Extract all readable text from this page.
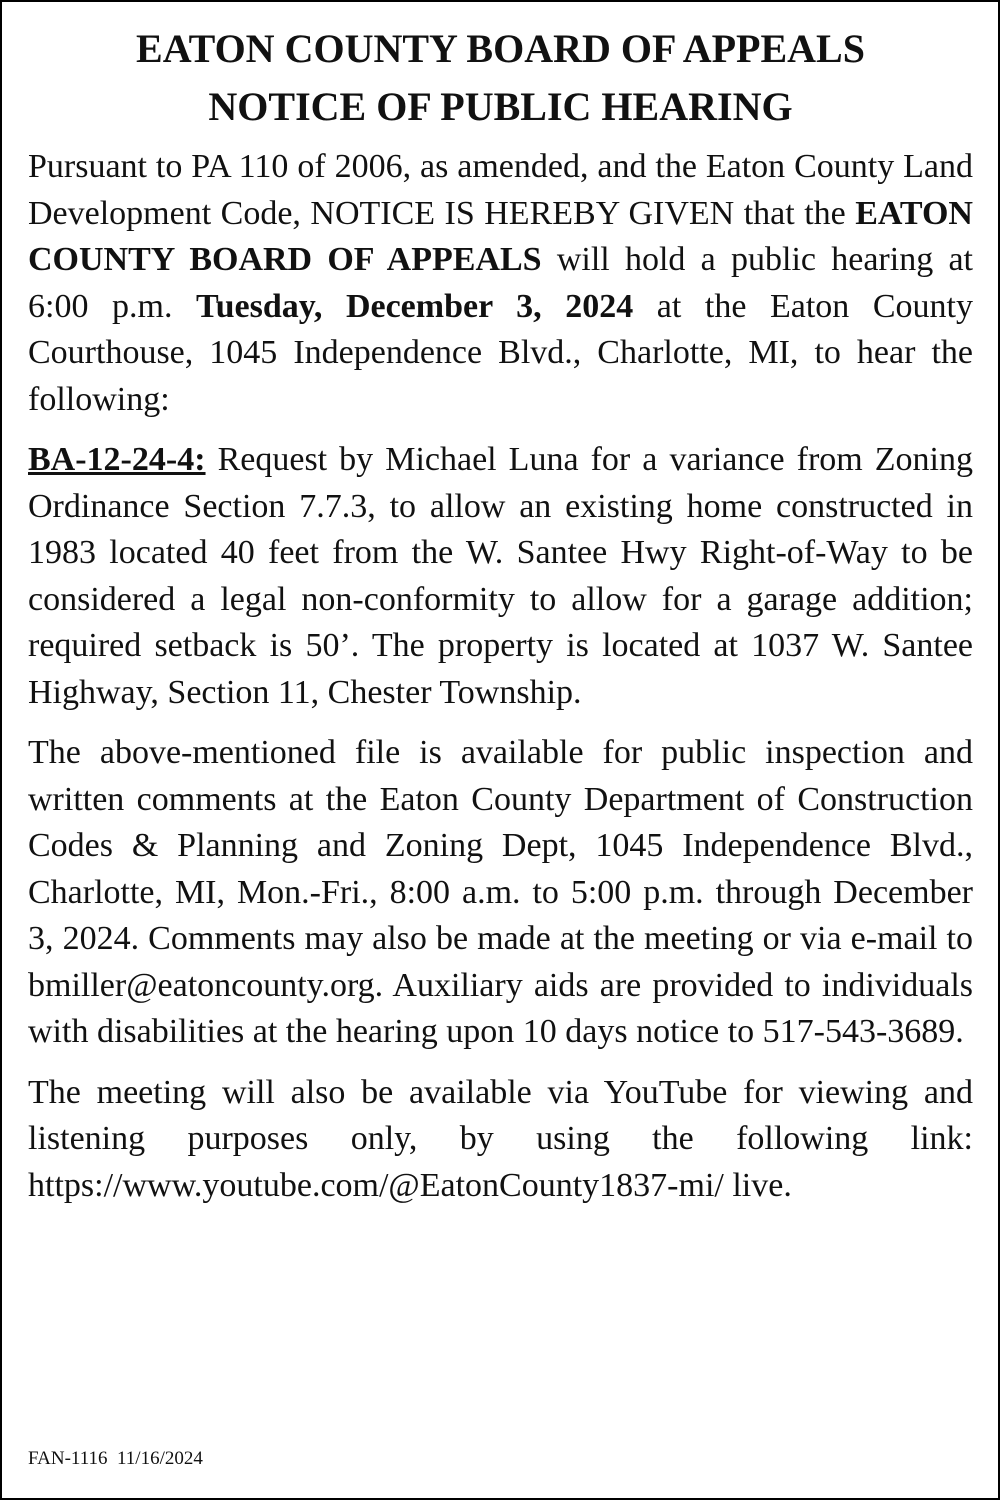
EATON COUNTY BOARD OF APPEALS
NOTICE OF PUBLIC HEARING

Pursuant to PA 110 of 2006, as amended, and the Eaton County Land Development Code, NOTICE IS HEREBY GIVEN that the EATON COUNTY BOARD OF APPEALS will hold a public hearing at 6:00 p.m. Tuesday, December 3, 2024 at the Eaton County Courthouse, 1045 Independence Blvd., Charlotte, MI, to hear the following:

BA-12-24-4: Request by Michael Luna for a variance from Zoning Ordinance Section 7.7.3, to allow an existing home constructed in 1983 located 40 feet from the W. Santee Hwy Right-of-Way to be considered a legal non-conformity to allow for a garage addition; required setback is 50’. The property is located at 1037 W. Santee Highway, Section 11, Chester Township.

The above-mentioned file is available for public inspection and written comments at the Eaton County Department of Construction Codes & Planning and Zoning Dept, 1045 Independence Blvd., Charlotte, MI, Mon.-Fri., 8:00 a.m. to 5:00 p.m. through December 3, 2024. Comments may also be made at the meeting or via e-mail to bmiller@eatoncounty.org. Auxiliary aids are provided to individuals with disabilities at the hearing upon 10 days notice to 517-543-3689.

The meeting will also be available via YouTube for viewing and listening purposes only, by using the following link: https://www.youtube.com/@EatonCounty1837-mi/ live.

FAN-1116  11/16/2024
